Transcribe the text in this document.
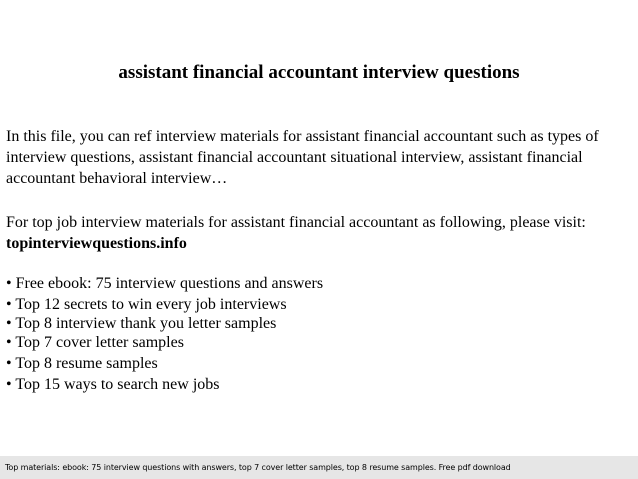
assistant financial accountant interview questions

In this file, you can ref interview materials for assistant financial accountant such as types of interview questions, assistant financial accountant situational interview, assistant financial accountant behavioral interview…

For top job interview materials for assistant financial accountant as following, please visit: topinterviewquestions.info

• Free ebook: 75 interview questions and answers
• Top 12 secrets to win every job interviews
• Top 8 interview thank you letter samples
• Top 7 cover letter samples
• Top 8 resume samples
• Top 15 ways to search new jobs
Top materials: ebook: 75 interview questions with answers, top 7 cover letter samples, top 8 resume samples. Free pdf download
